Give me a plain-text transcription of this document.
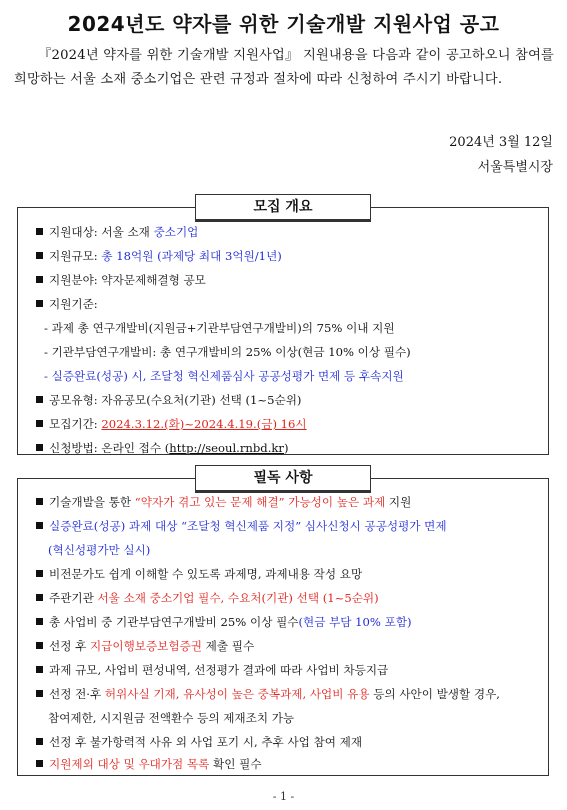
2024년도 약자를 위한 기술개발 지원사업 공고
『2024년 약자를 위한 기술개발 지원사업』 지원내용을 다음과 같이 공고하오니 참여를 희망하는 서울 소재 중소기업은 관련 규정과 절차에 따라 신청하여 주시기 바랍니다.
2024년 3월 12일
서울특별시장
모집 개요
지원대상: 서울 소재 중소기업
지원규모: 총 18억원 (과제당 최대 3억원/1년)
지원분야: 약자문제해결형 공모
지원기준:
- 과제 총 연구개발비(지원금+기관부담연구개발비)의 75% 이내 지원
- 기관부담연구개발비: 총 연구개발비의 25% 이상(현금 10% 이상 필수)
- 실증완료(성공) 시, 조달청 혁신제품심사 공공성평가 면제 등 후속지원
공모유형: 자유공모(수요처(기관) 선택 (1~5순위)
모집기간: 2024.3.12.(화)~2024.4.19.(금) 16시
신청방법: 온라인 접수 (http://seoul.rnbd.kr)
필독 사항
기술개발을 통한 “약자가 겪고 있는 문제 해결” 가능성이 높은 과제 지원
실증완료(성공) 과제 대상 “조달청 혁신제품 지정” 심사신청시 공공성평가 면제
(혁신성평가만 실시)
비전문가도 쉽게 이해할 수 있도록 과제명, 과제내용 작성 요망
주관기관 서울 소재 중소기업 필수, 수요처(기관) 선택 (1~5순위)
총 사업비 중 기관부담연구개발비 25% 이상 필수(현금 부담 10% 포함)
선정 후 지급이행보증보험증권 제출 필수
과제 규모, 사업비 편성내역, 선정평가 결과에 따라 사업비 차등지급
선정 전·후 허위사실 기재, 유사성이 높은 중복과제, 사업비 유용 등의 사안이 발생할 경우,
참여제한, 시지원금 전액환수 등의 제재조치 가능
선정 후 불가항력적 사유 외 사업 포기 시, 추후 사업 참여 제재
지원제외 대상 및 우대가점 목록 확인 필수
- 1 -
